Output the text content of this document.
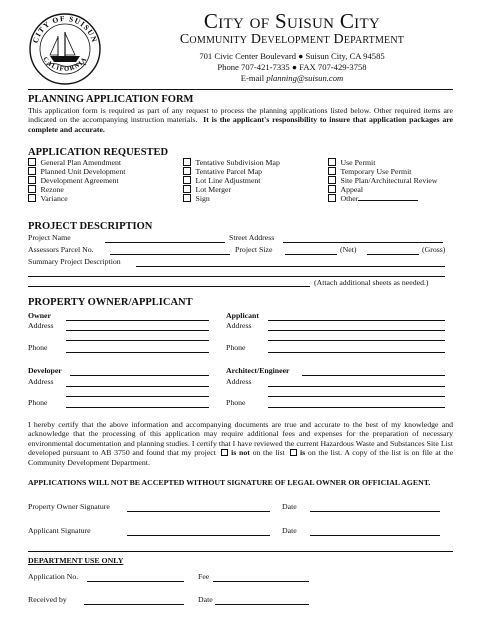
CITY OF SUISUN
CALIFORNIA
City of Suisun City
Community Development Department
701 Civic Center Boulevard ● Suisun City, CA 94585
Phone 707-421-7335 ● FAX 707-429-3758
E-mail planning@suisun.com
PLANNING APPLICATION FORM
This application form is required as part of any request to process the planning applications listed below. Other required items are indicated on the accompanying instruction materials. It is the applicant's responsibility to insure that application packages are complete and accurate.
APPLICATION REQUESTED
General Plan Amendment
Planned Unit Development
Development Agreement
Rezone
Variance
Tentative Subdivision Map
Tentative Parcel Map
Lot Line Adjustment
Lot Merger
Sign
Use Permit
Temporary Use Permit
Site Plan/Architectural Review
Appeal
Other
PROJECT DESCRIPTION
Project Name	Street Address
Assessors Parcel No.	Project Size	(Net)	(Gross)
Summary Project Description
(Attach additional sheets as needed.)
PROPERTY OWNER/APPLICANT
Owner
Address
Phone
Applicant
Address
Phone
Developer
Address
Phone
Architect/Engineer
Address
Phone
I hereby certify that the above information and accompanying documents are true and accurate to the best of my knowledge and acknowledge that the processing of this application may require additional fees and expenses for the preparation of necessary environmental documentation and planning studies. I certify that I have reviewed the current Hazardous Waste and Substances Site List developed pursuant to AB 3750 and found that my project is not on the list is on the list. A copy of the list is on file at the Community Development Department.
APPLICATIONS WILL NOT BE ACCEPTED WITHOUT SIGNATURE OF LEGAL OWNER OR OFFICIAL AGENT.
Property Owner Signature	Date
Applicant Signature	Date
DEPARTMENT USE ONLY
Application No.	Fee
Received by	Date
